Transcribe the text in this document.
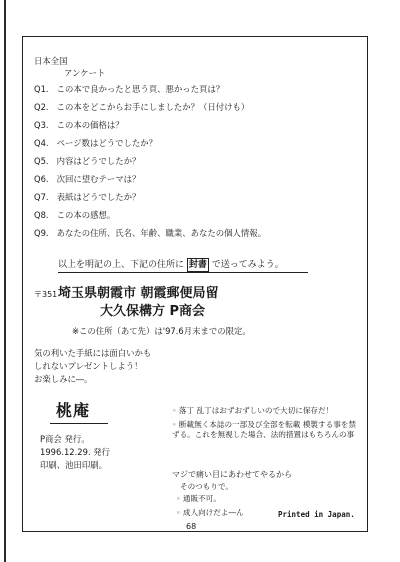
日本全国
アンケート
Q1. この本で良かったと思う頁、悪かった頁は？
Q2. この本をどこからお手にしましたか？（日付けも）
Q3. この本の価格は？
Q4. ページ数はどうでしたか？
Q5. 内容はどうでしたか？
Q6. 次回に望むテーマは？
Q7. 表紙はどうでしたか？
Q8. この本の感想。
Q9. あなたの住所、氏名、年齢、職業、あなたの個人情報。
以上を明記の上、下記の住所に 封書 で送ってみよう。
〒351 埼玉県朝霞市 朝霞郵便局留
大久保構方 P商会
※この住所（あて先）は'97.6月末までの限定。
気の利いた手紙には面白いかも
しれないプレゼントしよう！
お楽しみに―。
桃庵
P商会 発行。
1996.12.29. 発行
印刷、池田印刷。
◦ 落丁 乱丁はおずおずしいので大切に保存だ！
◦ 断載無く本誌の一部及び全部を転載 模製する事を禁ずる。これを無視した場合、法的措置はもちろんの事
マジで痛い目にあわせてやるから
そのつもりで。
◦ 通販不可。
◦ 成人向けだよ―ん
68
Printed in Japan.
